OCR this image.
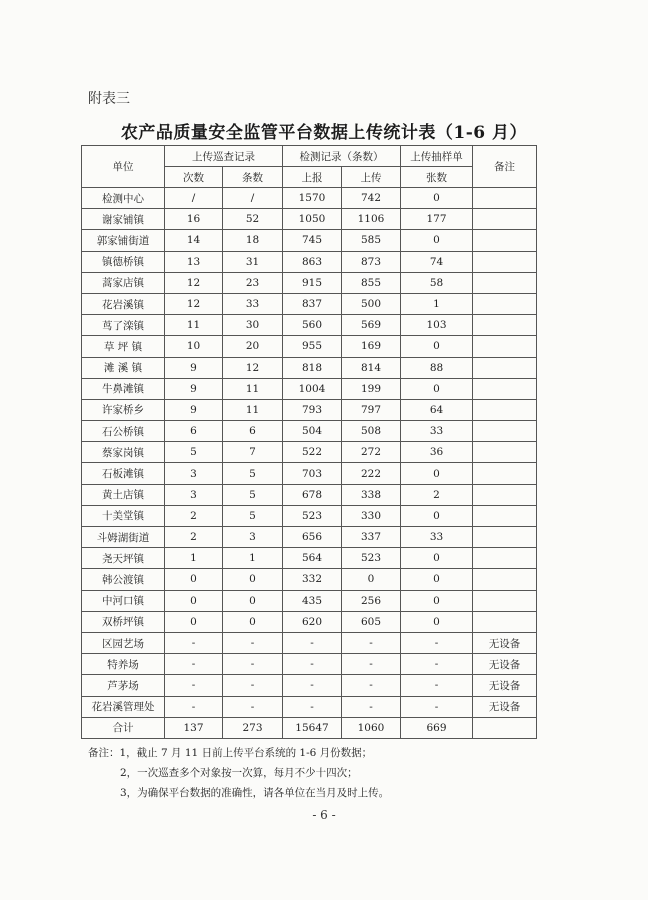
附表三
农产品质量安全监管平台数据上传统计表（1-6 月）
单位	上传巡查记录		检测记录（条数）		上传抽样单	备注
	次数	条数	上报	上传	张数	
检测中心	/	/	1570	742	0	
谢家铺镇	16	52	1050	1106	177	
郭家铺街道	14	18	745	585	0	
镇德桥镇	13	31	863	873	74	
蒿家店镇	12	23	915	855	58	
花岩溪镇	12	33	837	500	1	
茑了滦镇	11	30	560	569	103	
草 坪 镇	10	20	955	169	0	
滩 溪 镇	9	12	818	814	88	
牛鼻滩镇	9	11	1004	199	0	
许家桥乡	9	11	793	797	64	
石公桥镇	6	6	504	508	33	
蔡家岗镇	5	7	522	272	36	
石板滩镇	3	5	703	222	0	
黄土店镇	3	5	678	338	2	
十美堂镇	2	5	523	330	0	
斗姆湖街道	2	3	656	337	33	
尧天坪镇	1	1	564	523	0	
韩公渡镇	0	0	332	0	0	
中河口镇	0	0	435	256	0	
双桥坪镇	0	0	620	605	0	
区园艺场	-	-	-	-	-	无设备
特养场	-	-	-	-	-	无设备
芦茅场	-	-	-	-	-	无设备
花岩溪管理处	-	-	-	-	-	无设备
合计	137	273	15647	1060	669	
备注：1，截止 7 月 11 日前上传平台系统的 1-6 月份数据；
2，一次巡查多个对象按一次算，每月不少十四次；
3，为确保平台数据的准确性，请各单位在当月及时上传。
- 6 -
